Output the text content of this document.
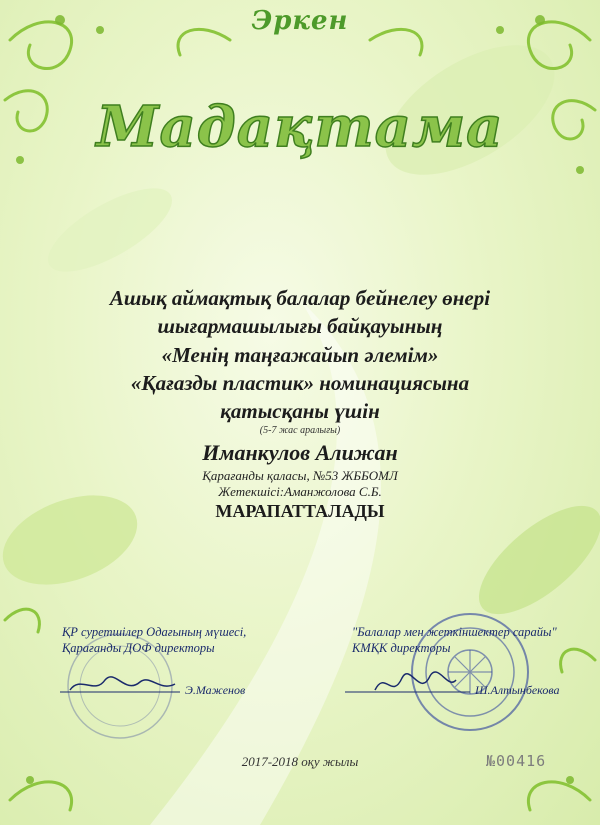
Эркен
Мадақтама
Ашық аймақтық балалар бейнелеу өнері
шығармашылығы байқауының
«Менің таңғажайып әлемім»
«Қағазды пластик» номинациясына
қатысқаны үшін
(5-7 жас аралығы)
Иманкулов Алижан
Қарағанды қаласы, №53 ЖББОМЛ
Жетекшісі:Аманжолова С.Б.
МАРАПАТТАЛАДЫ
ҚР суретшілер Одағының мүшесі,
Қарағанды ДОФ директоры
Э.Маженов
"Балалар мен жеткіншектер сарайы"
КМҚК директоры
Ш.Алтынбекова
2017-2018 оқу жылы	№00416
